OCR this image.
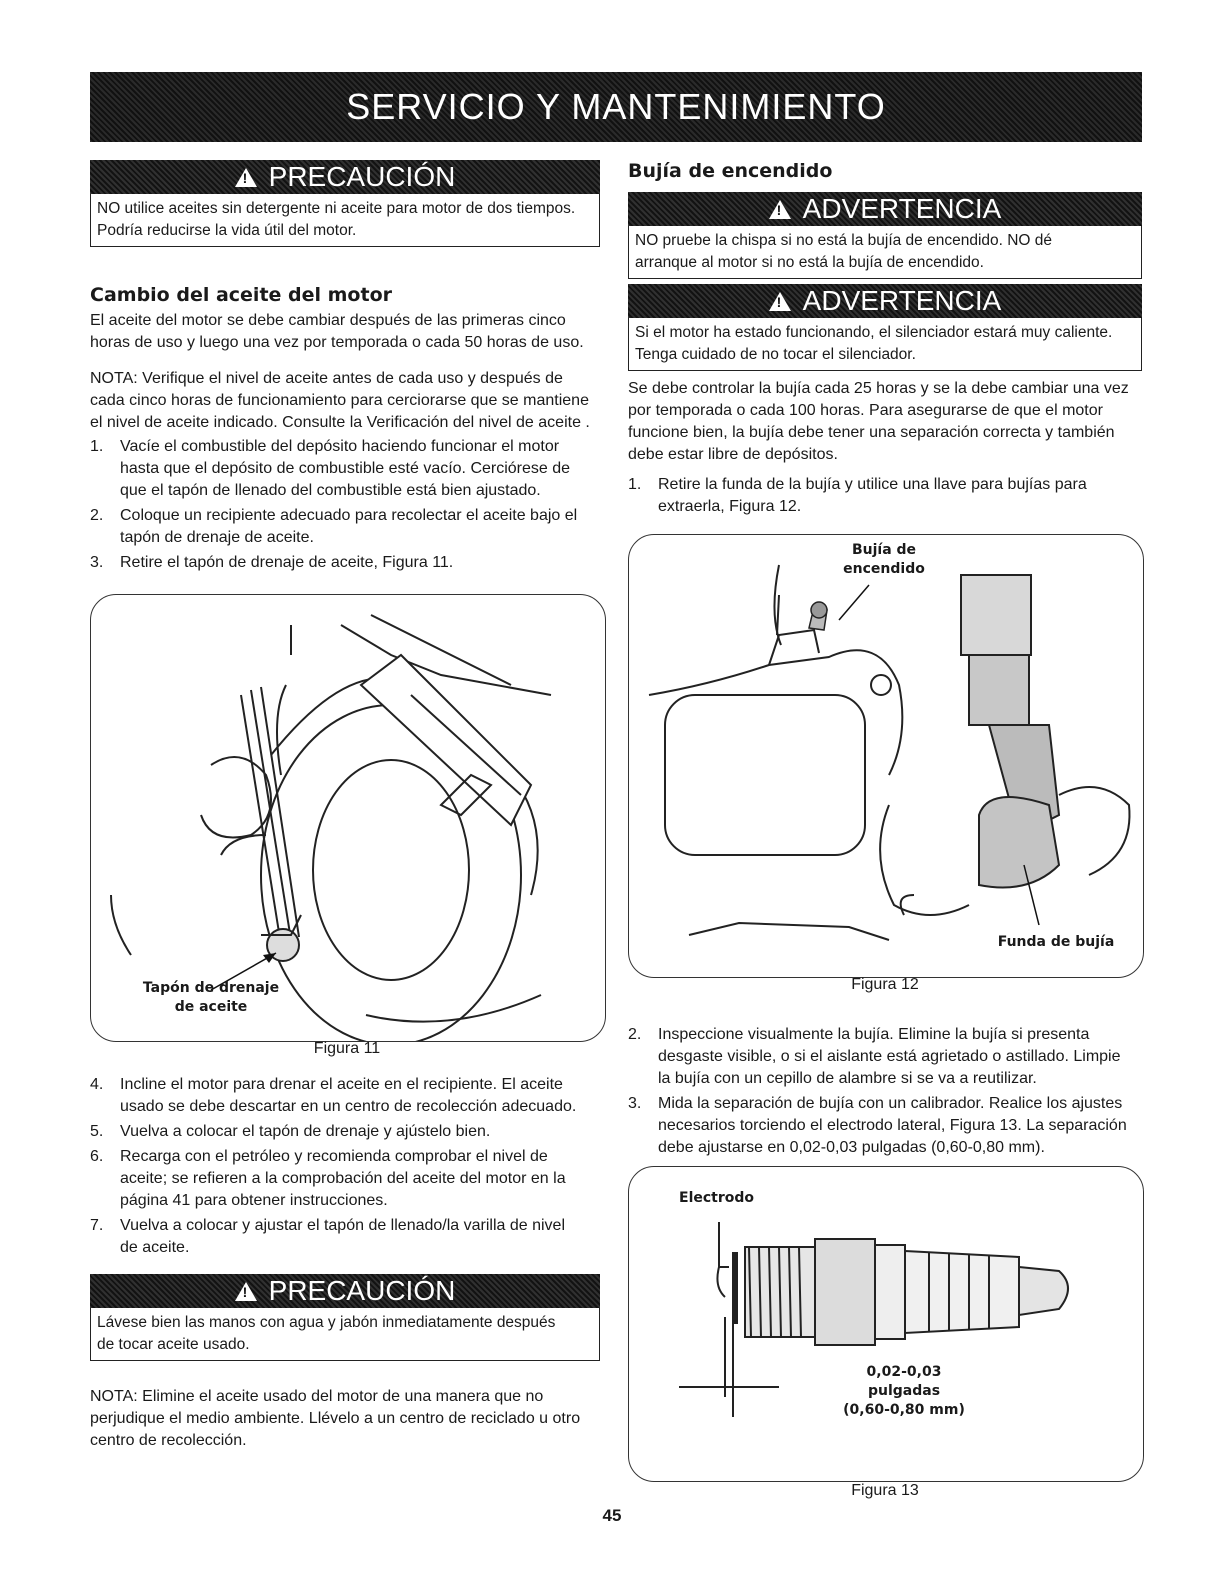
SERVICIO Y MANTENIMIENTO
!
PRECAUCIÓN
NO utilice aceites sin detergente ni aceite para motor de dos tiempos.
Podría reducirse la vida útil del motor.
Cambio del aceite del motor

El aceite del motor se debe cambiar después de las primeras cinco

horas de uso y luego una vez por temporada o cada 50 horas de uso.

NOTA: Verifique el nivel de aceite antes de cada uso y después de

cada cinco horas de funcionamiento para cerciorarse que se mantiene

el nivel de aceite indicado. Consulte la Verificación del nivel de aceite .

1. Vacíe el combustible del depósito haciendo funcionar el motor
hasta que el depósito de combustible esté vacío. Cerciórese de
que el tapón de llenado del combustible está bien ajustado.
2. Coloque un recipiente adecuado para recolectar el aceite bajo el
tapón de drenaje de aceite.
3. Retire el tapón de drenaje de aceite, Figura 11.
Tapón de drenaje
de aceite
Figura 11
4. Incline el motor para drenar el aceite en el recipiente. El aceite
usado se debe descartar en un centro de recolección adecuado.
5. Vuelva a colocar el tapón de drenaje y ajústelo bien.
6. Recarga con el petróleo y recomienda comprobar el nivel de
aceite; se refieren a la comprobación del aceite del motor en la
página 41 para obtener instrucciones.
7. Vuelva a colocar y ajustar el tapón de llenado/la varilla de nivel
de aceite.
!
PRECAUCIÓN
Lávese bien las manos con agua y jabón inmediatamente después
de tocar aceite usado.

NOTA: Elimine el aceite usado del motor de una manera que no

perjudique el medio ambiente. Llévelo a un centro de reciclado u otro

centro de recolección.

Bujía de encendido
!
ADVERTENCIA
NO pruebe la chispa si no está la bujía de encendido. NO dé
arranque al motor si no está la bujía de encendido.
!
ADVERTENCIA
Si el motor ha estado funcionando, el silenciador estará muy caliente.
Tenga cuidado de no tocar el silenciador.

Se debe controlar la bujía cada 25 horas y se la debe cambiar una vez

por temporada o cada 100 horas. Para asegurarse de que el motor

funcione bien, la bujía debe tener una separación correcta y también

debe estar libre de depósitos.

1. Retire la funda de la bujía y utilice una llave para bujías para
extraerla, Figura 12.
Bujía de
encendido
Funda de bujía
Figura 12
2. Inspeccione visualmente la bujía. Elimine la bujía si presenta
desgaste visible, o si el aislante está agrietado o astillado. Limpie
la bujía con un cepillo de alambre si se va a reutilizar.
3. Mida la separación de bujía con un calibrador. Realice los ajustes
necesarios torciendo el electrodo lateral, Figura 13. La separación
debe ajustarse en 0,02-0,03 pulgadas (0,60-0,80 mm).
Electrodo
0,02-0,03
pulgadas
(0,60-0,80 mm)
Figura 13
45
